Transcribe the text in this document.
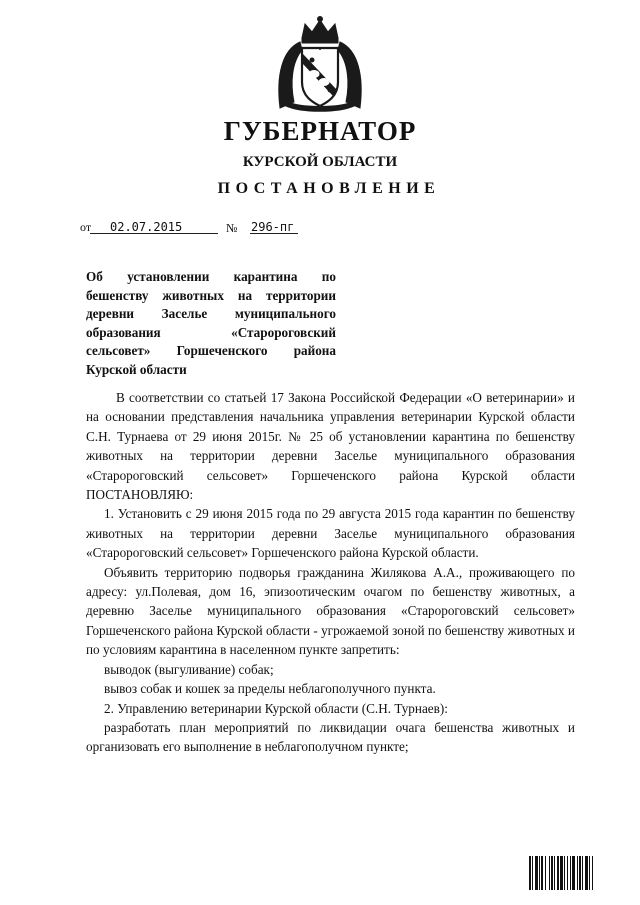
ГУБЕРНАТОР
КУРСКОЙ ОБЛАСТИ
ПОСТАНОВЛЕНИЕ
от 02.07.2015	№ 296-пг
Об установлении карантина по бешенству животных на территории деревни Заселье муниципального образования «Старороговский сельсовет» Горшеченского района Курской области

В соответствии со статьей 17 Закона Российской Федерации «О ветеринарии» и на основании представления начальника управления ветеринарии Курской области С.Н. Турнаева от 29 июня 2015г. № 25 об установлении карантина по бешенству животных на территории деревни Заселье муниципального образования «Старороговский сельсовет» Горшеченского района Курской области ПОСТАНОВЛЯЮ:

1. Установить с 29 июня 2015 года по 29 августа 2015 года карантин по бешенству животных на территории деревни Заселье муниципального образования «Старороговский сельсовет» Горшеченского района Курской области.

Объявить территорию подворья гражданина Жилякова А.А., проживающего по адресу: ул.Полевая, дом 16, эпизоотическим очагом по бешенству животных, а деревню Заселье муниципального образования «Старороговский сельсовет» Горшеченского района Курской области - угрожаемой зоной по бешенству животных и по условиям карантина в населенном пункте запретить:

выводок (выгуливание) собак;

вывоз собак и кошек за пределы неблагополучного пункта.

2. Управлению ветеринарии Курской области (С.Н. Турнаев):

разработать план мероприятий по ликвидации очага бешенства животных и организовать его выполнение в неблагополучном пункте;
